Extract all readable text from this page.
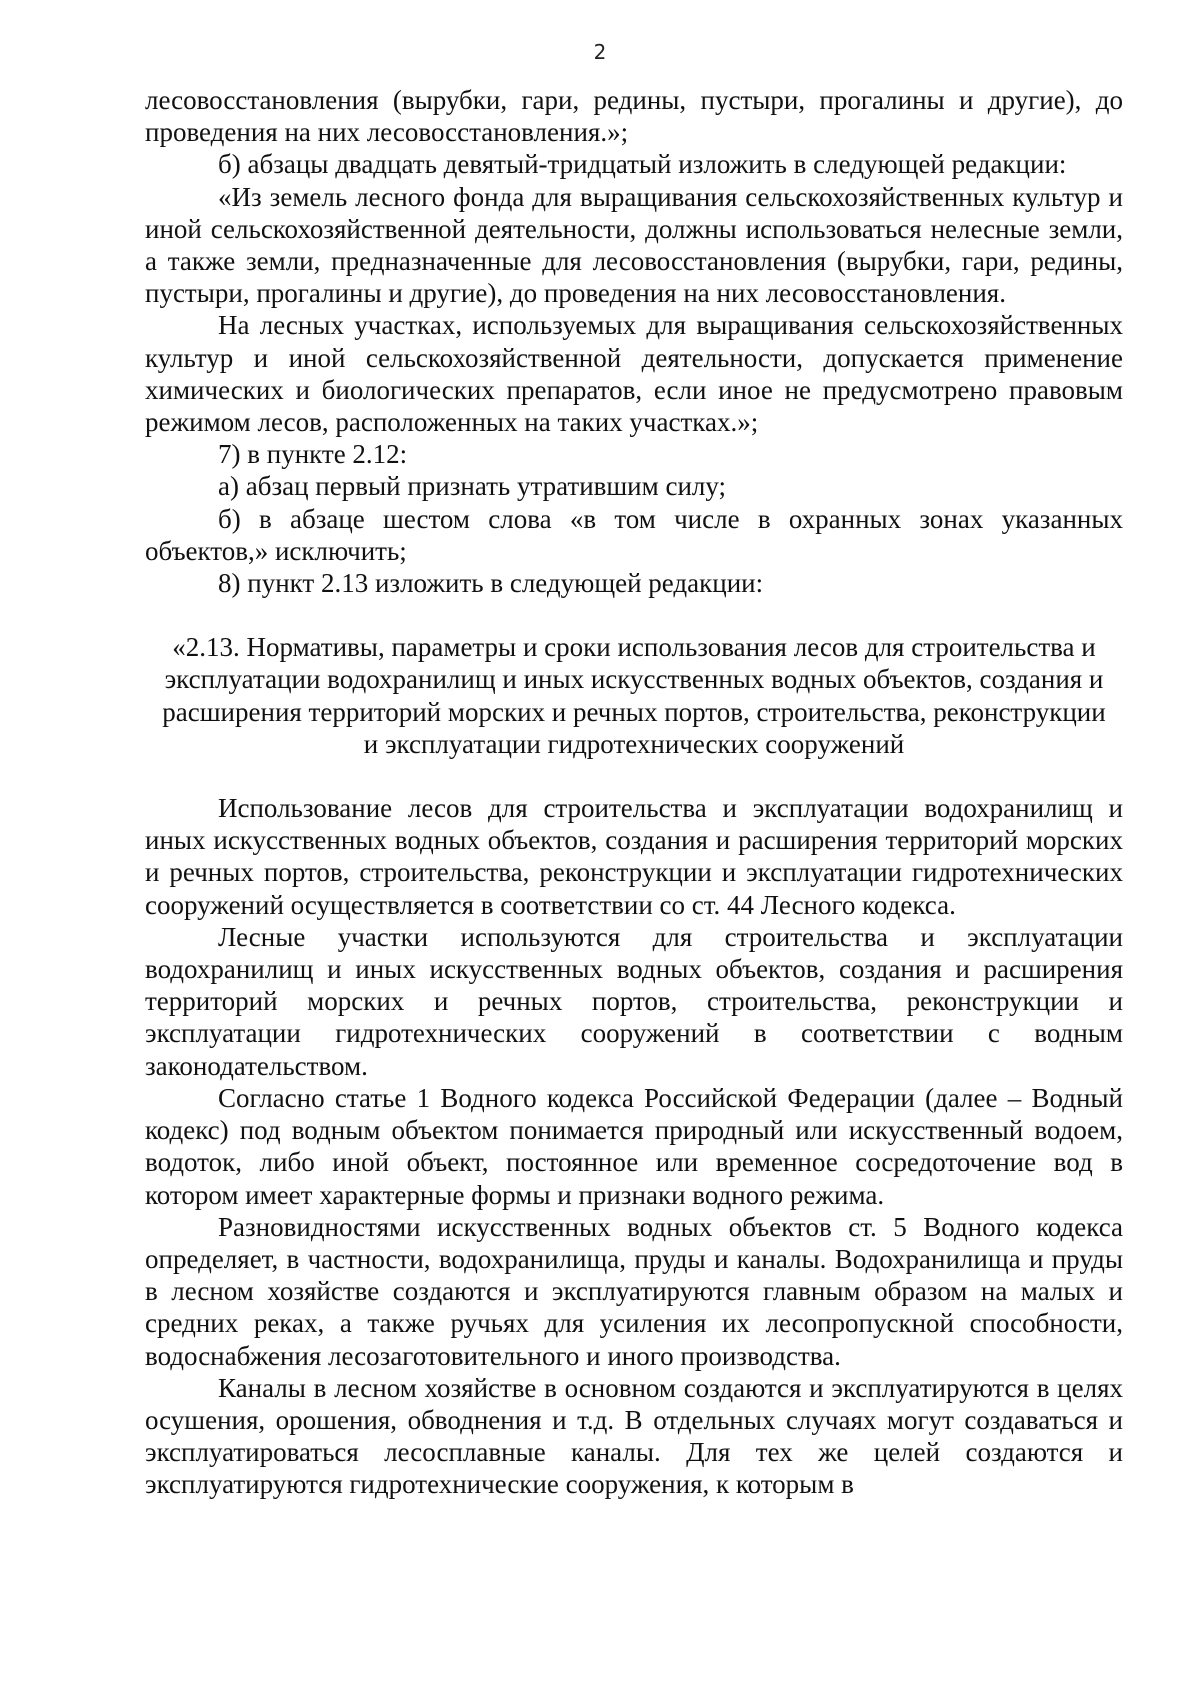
2

лесовосстановления (вырубки, гари, редины, пустыри, прогалины и другие), до проведения на них лесовосстановления.»;

б) абзацы двадцать девятый-тридцатый изложить в следующей редакции:

«Из земель лесного фонда для выращивания сельскохозяйственных культур и иной сельскохозяйственной деятельности, должны использоваться нелесные земли, а также земли, предназначенные для лесовосстановления (вырубки, гари, редины, пустыри, прогалины и другие), до проведения на них лесовосстановления.

На лесных участках, используемых для выращивания сельскохозяйственных культур и иной сельскохозяйственной деятельности, допускается применение химических и биологических препаратов, если иное не предусмотрено правовым режимом лесов, расположенных на таких участках.»;

7) в пункте 2.12:

а) абзац первый признать утратившим силу;

б) в абзаце шестом слова «в том числе в охранных зонах указанных объектов,» исключить;

8) пункт 2.13 изложить в следующей редакции:

«2.13. Нормативы, параметры и сроки использования лесов для строительства и эксплуатации водохранилищ и иных искусственных водных объектов, создания и расширения территорий морских и речных портов, строительства, реконструкции и эксплуатации гидротехнических сооружений

Использование лесов для строительства и эксплуатации водохранилищ и иных искусственных водных объектов, создания и расширения территорий морских и речных портов, строительства, реконструкции и эксплуатации гидротехнических сооружений осуществляется в соответствии со ст. 44 Лесного кодекса.

Лесные участки используются для строительства и эксплуатации водохранилищ и иных искусственных водных объектов, создания и расширения территорий морских и речных портов, строительства, реконструкции и эксплуатации гидротехнических сооружений в соответствии с водным законодательством.

Согласно статье 1 Водного кодекса Российской Федерации (далее – Водный кодекс) под водным объектом понимается природный или искусственный водоем, водоток, либо иной объект, постоянное или временное сосредоточение вод в котором имеет характерные формы и признаки водного режима.

Разновидностями искусственных водных объектов ст. 5 Водного кодекса определяет, в частности, водохранилища, пруды и каналы. Водохранилища и пруды в лесном хозяйстве создаются и эксплуатируются главным образом на малых и средних реках, а также ручьях для усиления их лесопропускной способности, водоснабжения лесозаготовительного и иного производства.

Каналы в лесном хозяйстве в основном создаются и эксплуатируются в целях осушения, орошения, обводнения и т.д. В отдельных случаях могут создаваться и эксплуатироваться лесосплавные каналы. Для тех же целей создаются и эксплуатируются гидротехнические сооружения, к которым в
